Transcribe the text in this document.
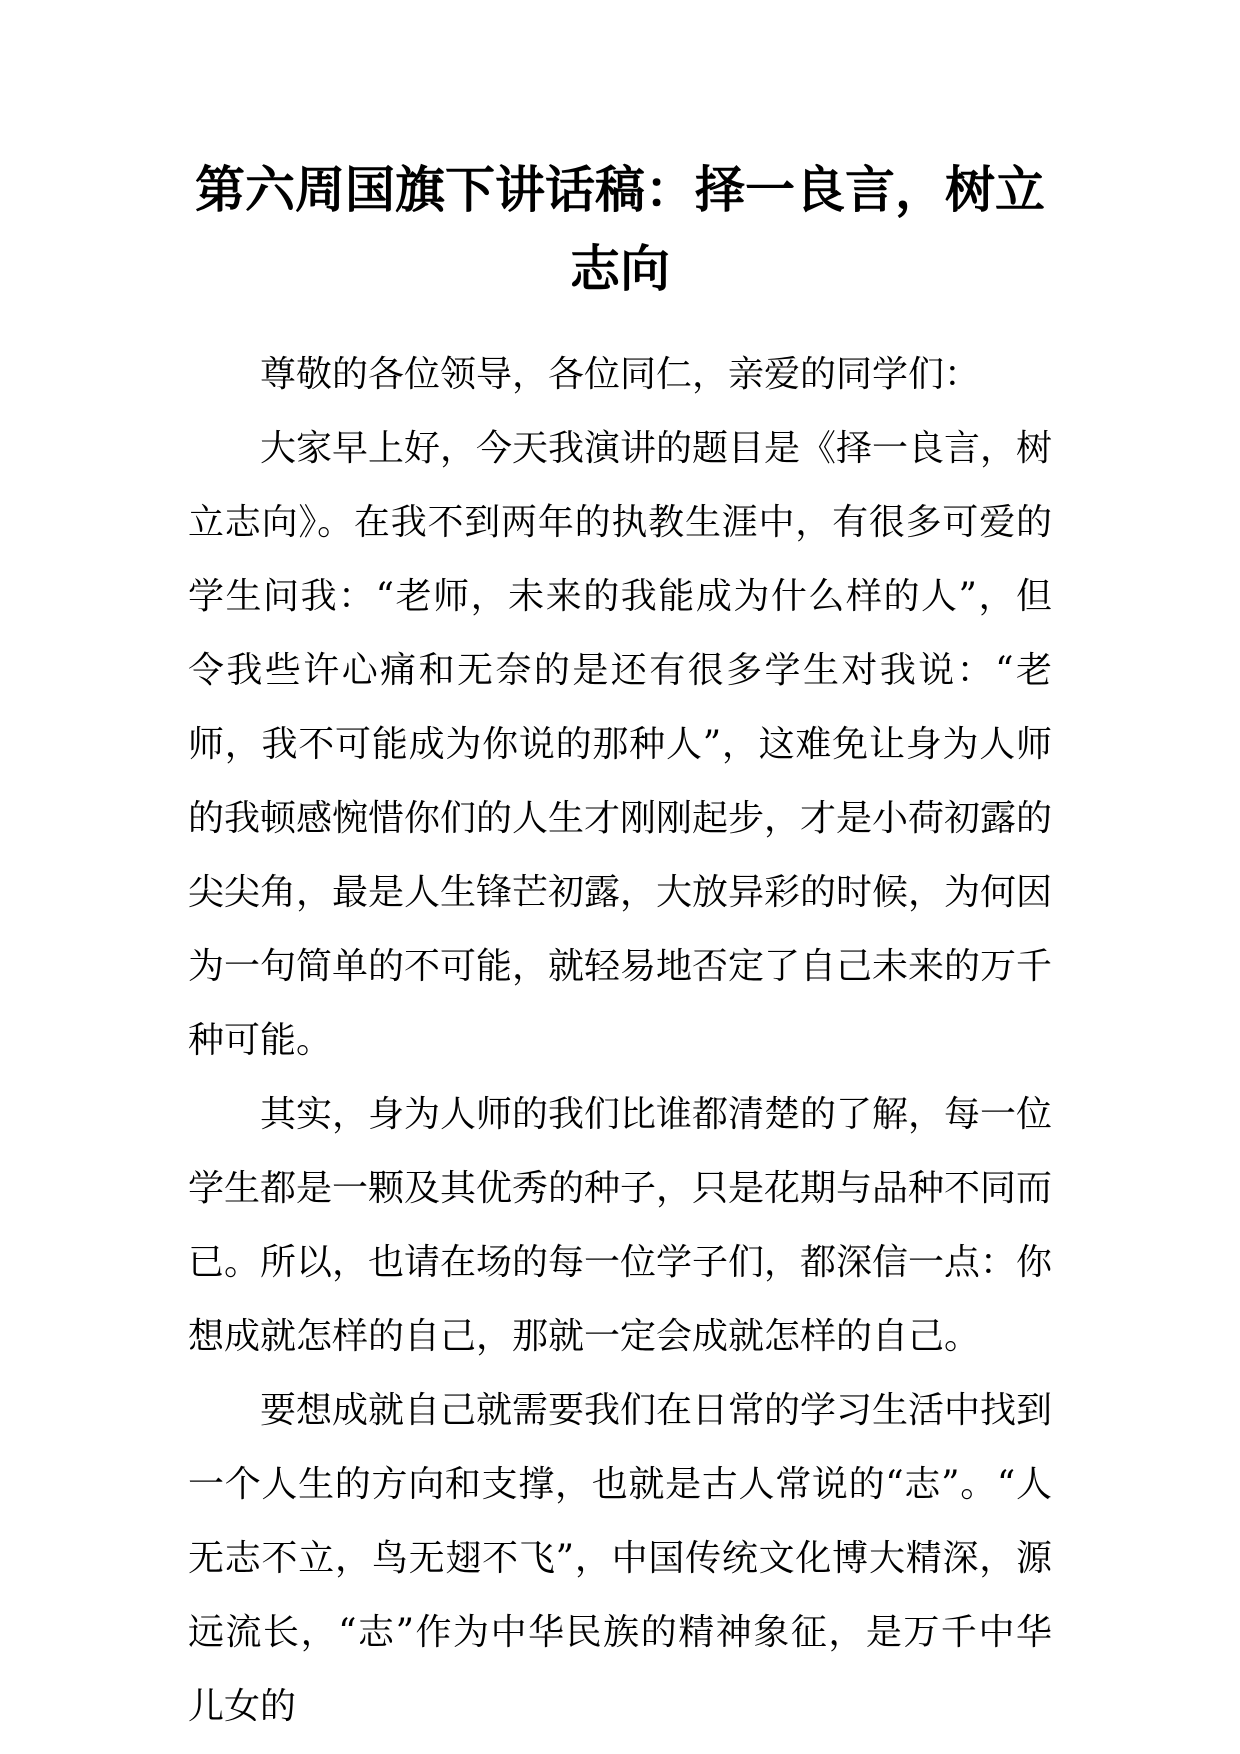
第六周国旗下讲话稿：择一良言，树立
志向

尊敬的各位领导，各位同仁，亲爱的同学们：

大家早上好，今天我演讲的题目是《择一良言，树立志向》。在我不到两年的执教生涯中，有很多可爱的学生问我：“老师，未来的我能成为什么样的人”，但令我些许心痛和无奈的是还有很多学生对我说：“老师，我不可能成为你说的那种人”，这难免让身为人师的我顿感惋惜你们的人生才刚刚起步，才是小荷初露的尖尖角，最是人生锋芒初露，大放异彩的时候，为何因为一句简单的不可能，就轻易地否定了自己未来的万千种可能。

其实，身为人师的我们比谁都清楚的了解，每一位学生都是一颗及其优秀的种子，只是花期与品种不同而已。所以，也请在场的每一位学子们，都深信一点：你想成就怎样的自己，那就一定会成就怎样的自己。

要想成就自己就需要我们在日常的学习生活中找到一个人生的方向和支撑，也就是古人常说的“志”。“人无志不立，鸟无翅不飞”，中国传统文化博大精深，源远流长，“志”作为中华民族的精神象征，是万千中华儿女的
